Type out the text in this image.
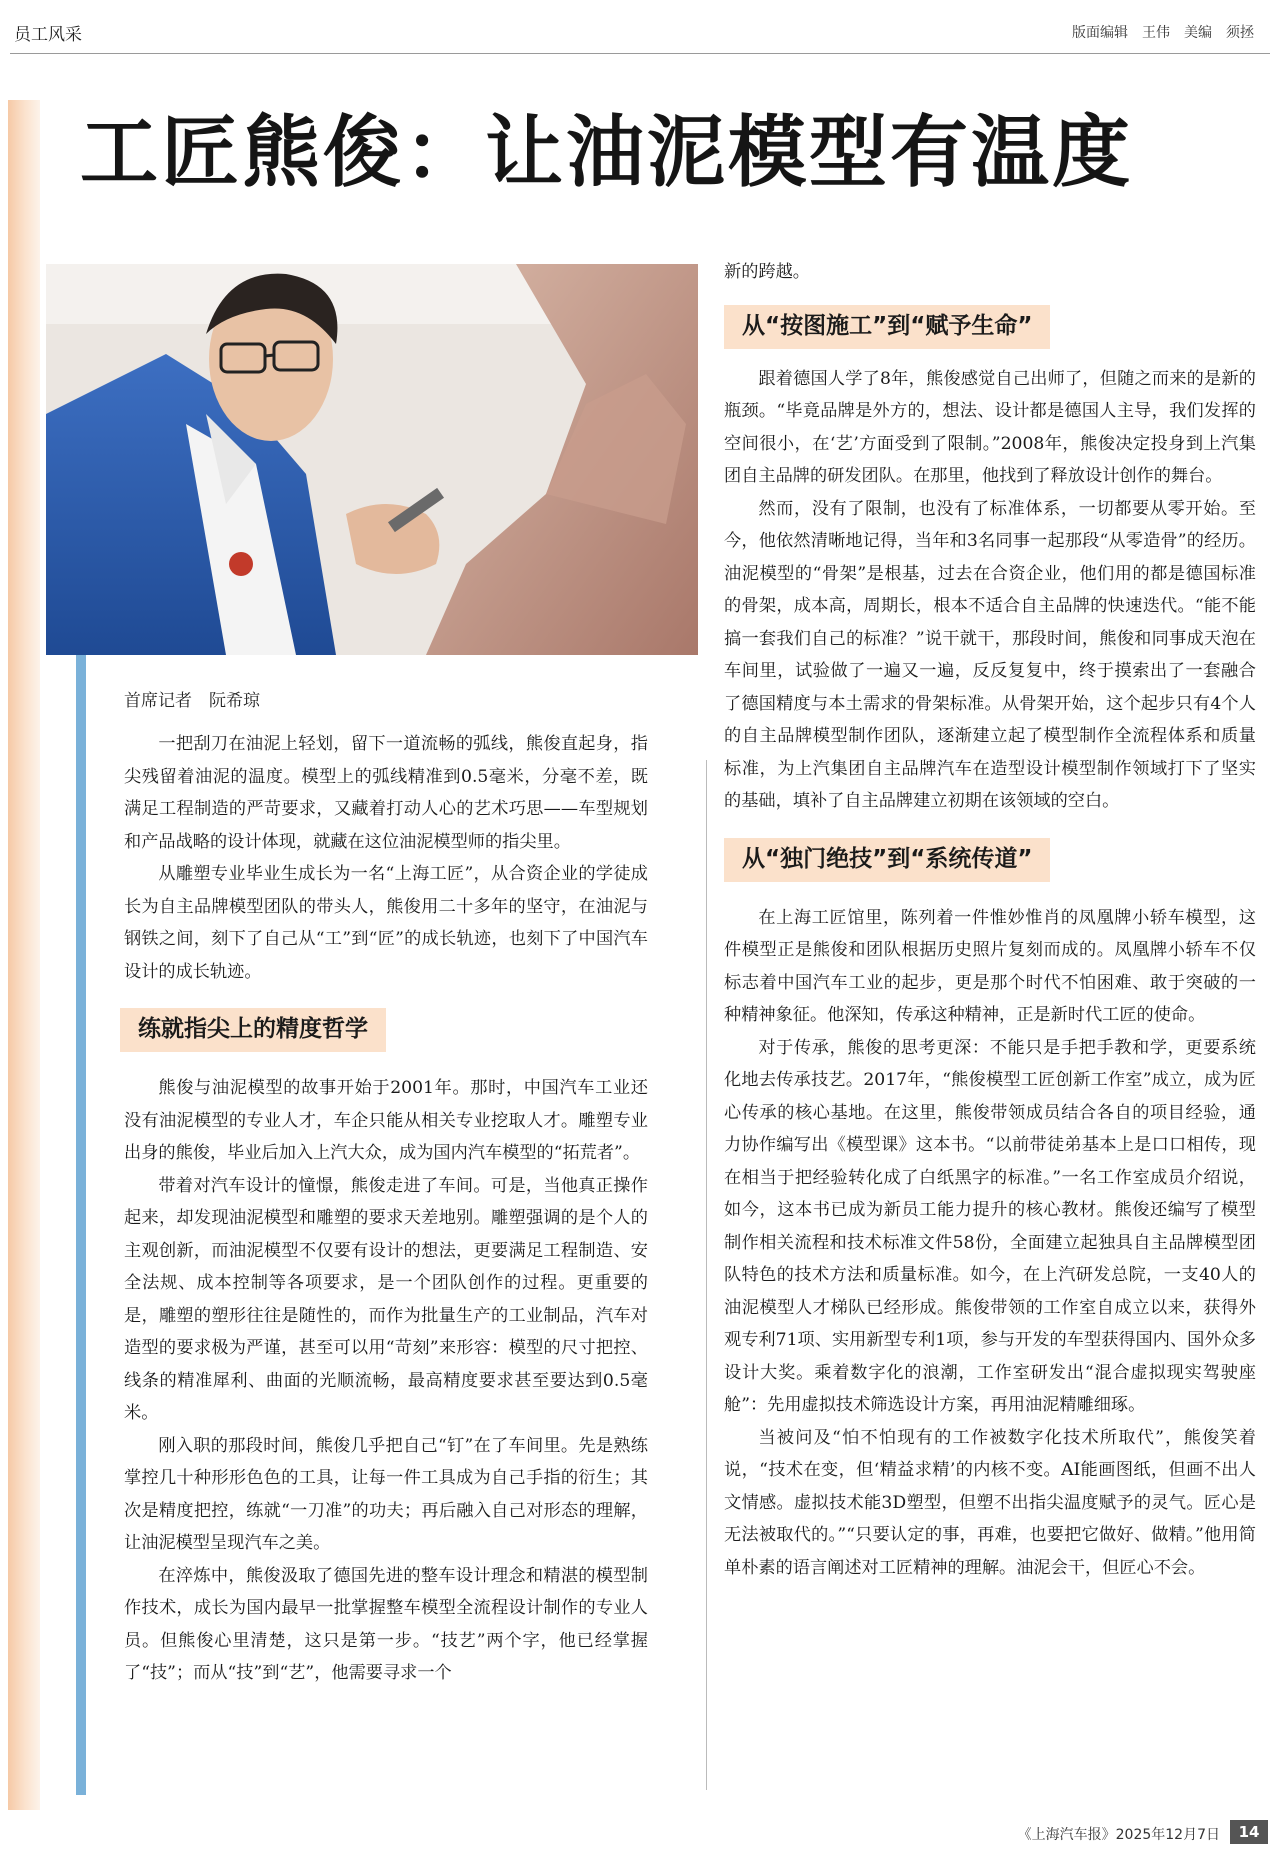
员工风采	版面编辑　王伟　美编　须拯
工匠熊俊：让油泥模型有温度
首席记者　阮希琼

一把刮刀在油泥上轻划，留下一道流畅的弧线，熊俊直起身，指尖残留着油泥的温度。模型上的弧线精准到0.5毫米，分毫不差，既满足工程制造的严苛要求，又藏着打动人心的艺术巧思——车型规划和产品战略的设计体现，就藏在这位油泥模型师的指尖里。

从雕塑专业毕业生成长为一名“上海工匠”，从合资企业的学徒成长为自主品牌模型团队的带头人，熊俊用二十多年的坚守，在油泥与钢铁之间，刻下了自己从“工”到“匠”的成长轨迹，也刻下了中国汽车设计的成长轨迹。

练就指尖上的精度哲学

熊俊与油泥模型的故事开始于2001年。那时，中国汽车工业还没有油泥模型的专业人才，车企只能从相关专业挖取人才。雕塑专业出身的熊俊，毕业后加入上汽大众，成为国内汽车模型的“拓荒者”。

带着对汽车设计的憧憬，熊俊走进了车间。可是，当他真正操作起来，却发现油泥模型和雕塑的要求天差地别。雕塑强调的是个人的主观创新，而油泥模型不仅要有设计的想法，更要满足工程制造、安全法规、成本控制等各项要求，是一个团队创作的过程。更重要的是，雕塑的塑形往往是随性的，而作为批量生产的工业制品，汽车对造型的要求极为严谨，甚至可以用“苛刻”来形容：模型的尺寸把控、线条的精准犀利、曲面的光顺流畅，最高精度要求甚至要达到0.5毫米。

刚入职的那段时间，熊俊几乎把自己“钉”在了车间里。先是熟练掌控几十种形形色色的工具，让每一件工具成为自己手指的衍生；其次是精度把控，练就“一刀准”的功夫；再后融入自己对形态的理解，让油泥模型呈现汽车之美。

在淬炼中，熊俊汲取了德国先进的整车设计理念和精湛的模型制作技术，成长为国内最早一批掌握整车模型全流程设计制作的专业人员。但熊俊心里清楚，这只是第一步。“技艺”两个字，他已经掌握了“技”；而从“技”到“艺”，他需要寻求一个

新的跨越。

从“按图施工”到“赋予生命”

跟着德国人学了8年，熊俊感觉自己出师了，但随之而来的是新的瓶颈。“毕竟品牌是外方的，想法、设计都是德国人主导，我们发挥的空间很小，在‘艺’方面受到了限制。”2008年，熊俊决定投身到上汽集团自主品牌的研发团队。在那里，他找到了释放设计创作的舞台。

然而，没有了限制，也没有了标准体系，一切都要从零开始。至今，他依然清晰地记得，当年和3名同事一起那段“从零造骨”的经历。油泥模型的“骨架”是根基，过去在合资企业，他们用的都是德国标准的骨架，成本高，周期长，根本不适合自主品牌的快速迭代。“能不能搞一套我们自己的标准？”说干就干，那段时间，熊俊和同事成天泡在车间里，试验做了一遍又一遍，反反复复中，终于摸索出了一套融合了德国精度与本土需求的骨架标准。从骨架开始，这个起步只有4个人的自主品牌模型制作团队，逐渐建立起了模型制作全流程体系和质量标准，为上汽集团自主品牌汽车在造型设计模型制作领域打下了坚实的基础，填补了自主品牌建立初期在该领域的空白。

从“独门绝技”到“系统传道”

在上海工匠馆里，陈列着一件惟妙惟肖的凤凰牌小轿车模型，这件模型正是熊俊和团队根据历史照片复刻而成的。凤凰牌小轿车不仅标志着中国汽车工业的起步，更是那个时代不怕困难、敢于突破的一种精神象征。他深知，传承这种精神，正是新时代工匠的使命。

对于传承，熊俊的思考更深：不能只是手把手教和学，更要系统化地去传承技艺。2017年，“熊俊模型工匠创新工作室”成立，成为匠心传承的核心基地。在这里，熊俊带领成员结合各自的项目经验，通力协作编写出《模型课》这本书。“以前带徒弟基本上是口口相传，现在相当于把经验转化成了白纸黑字的标准。”一名工作室成员介绍说，如今，这本书已成为新员工能力提升的核心教材。熊俊还编写了模型制作相关流程和技术标准文件58份，全面建立起独具自主品牌模型团队特色的技术方法和质量标准。如今，在上汽研发总院，一支40人的油泥模型人才梯队已经形成。熊俊带领的工作室自成立以来，获得外观专利71项、实用新型专利1项，参与开发的车型获得国内、国外众多设计大奖。乘着数字化的浪潮，工作室研发出“混合虚拟现实驾驶座舱”：先用虚拟技术筛选设计方案，再用油泥精雕细琢。

当被问及“怕不怕现有的工作被数字化技术所取代”，熊俊笑着说，“技术在变，但‘精益求精’的内核不变。AI能画图纸，但画不出人文情感。虚拟技术能3D塑型，但塑不出指尖温度赋予的灵气。匠心是无法被取代的。”“只要认定的事，再难，也要把它做好、做精。”他用简单朴素的语言阐述对工匠精神的理解。油泥会干，但匠心不会。

《上海汽车报》2025年12月7日	14
